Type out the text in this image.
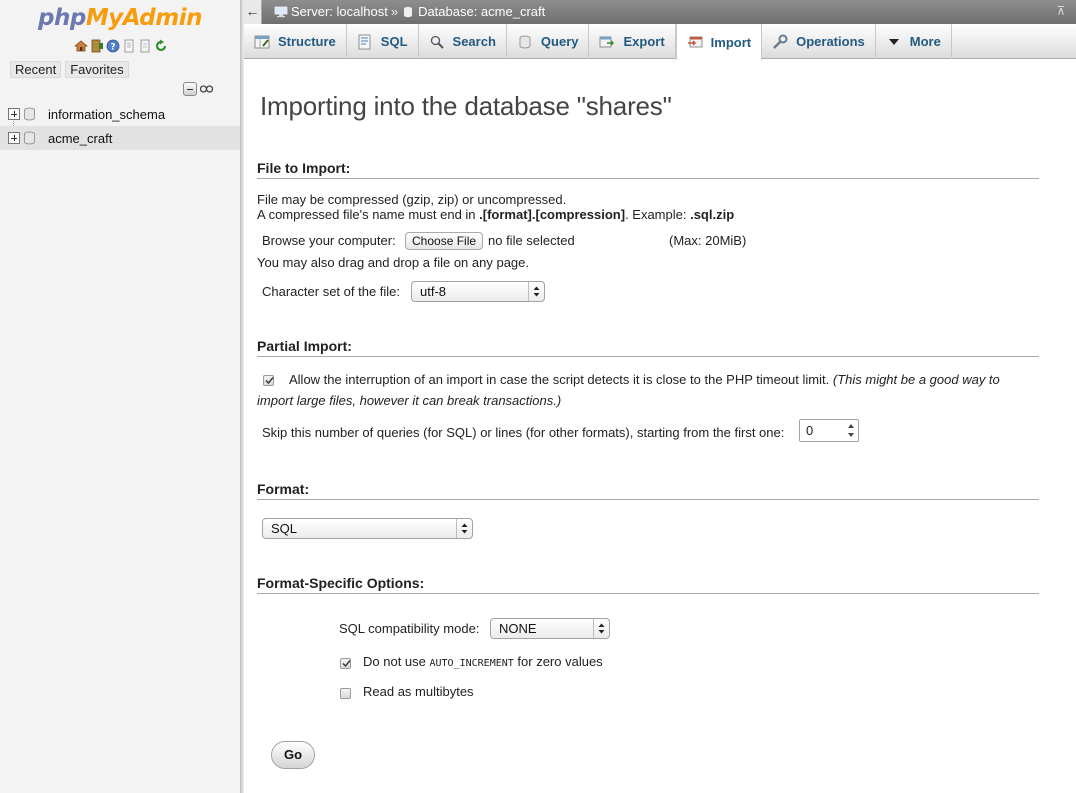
phpMyAdmin
?
Recent	Favorites
information_schema
acme_craft
← Server: localhost » Database: acme_craft	⊼
Structure	SQL	Search	Query	Export	Import	Operations	More
Importing into the database "shares"
File to Import:
File may be compressed (gzip, zip) or uncompressed.
A compressed file's name must end in .[format].[compression]. Example: .sql.zip
Browse your computer:	Choose File no file selected	(Max: 20MiB)
You may also drag and drop a file on any page.
Character set of the file:	utf-8
Partial Import:
Allow the interruption of an import in case the script detects it is close to the PHP timeout limit. (This might be a good way to
import large files, however it can break transactions.)
Skip this number of queries (for SQL) or lines (for other formats), starting from the first one:	0
Format:
SQL
Format-Specific Options:
SQL compatibility mode:	NONE
Do not use AUTO_INCREMENT for zero values
Read as multibytes
Go
